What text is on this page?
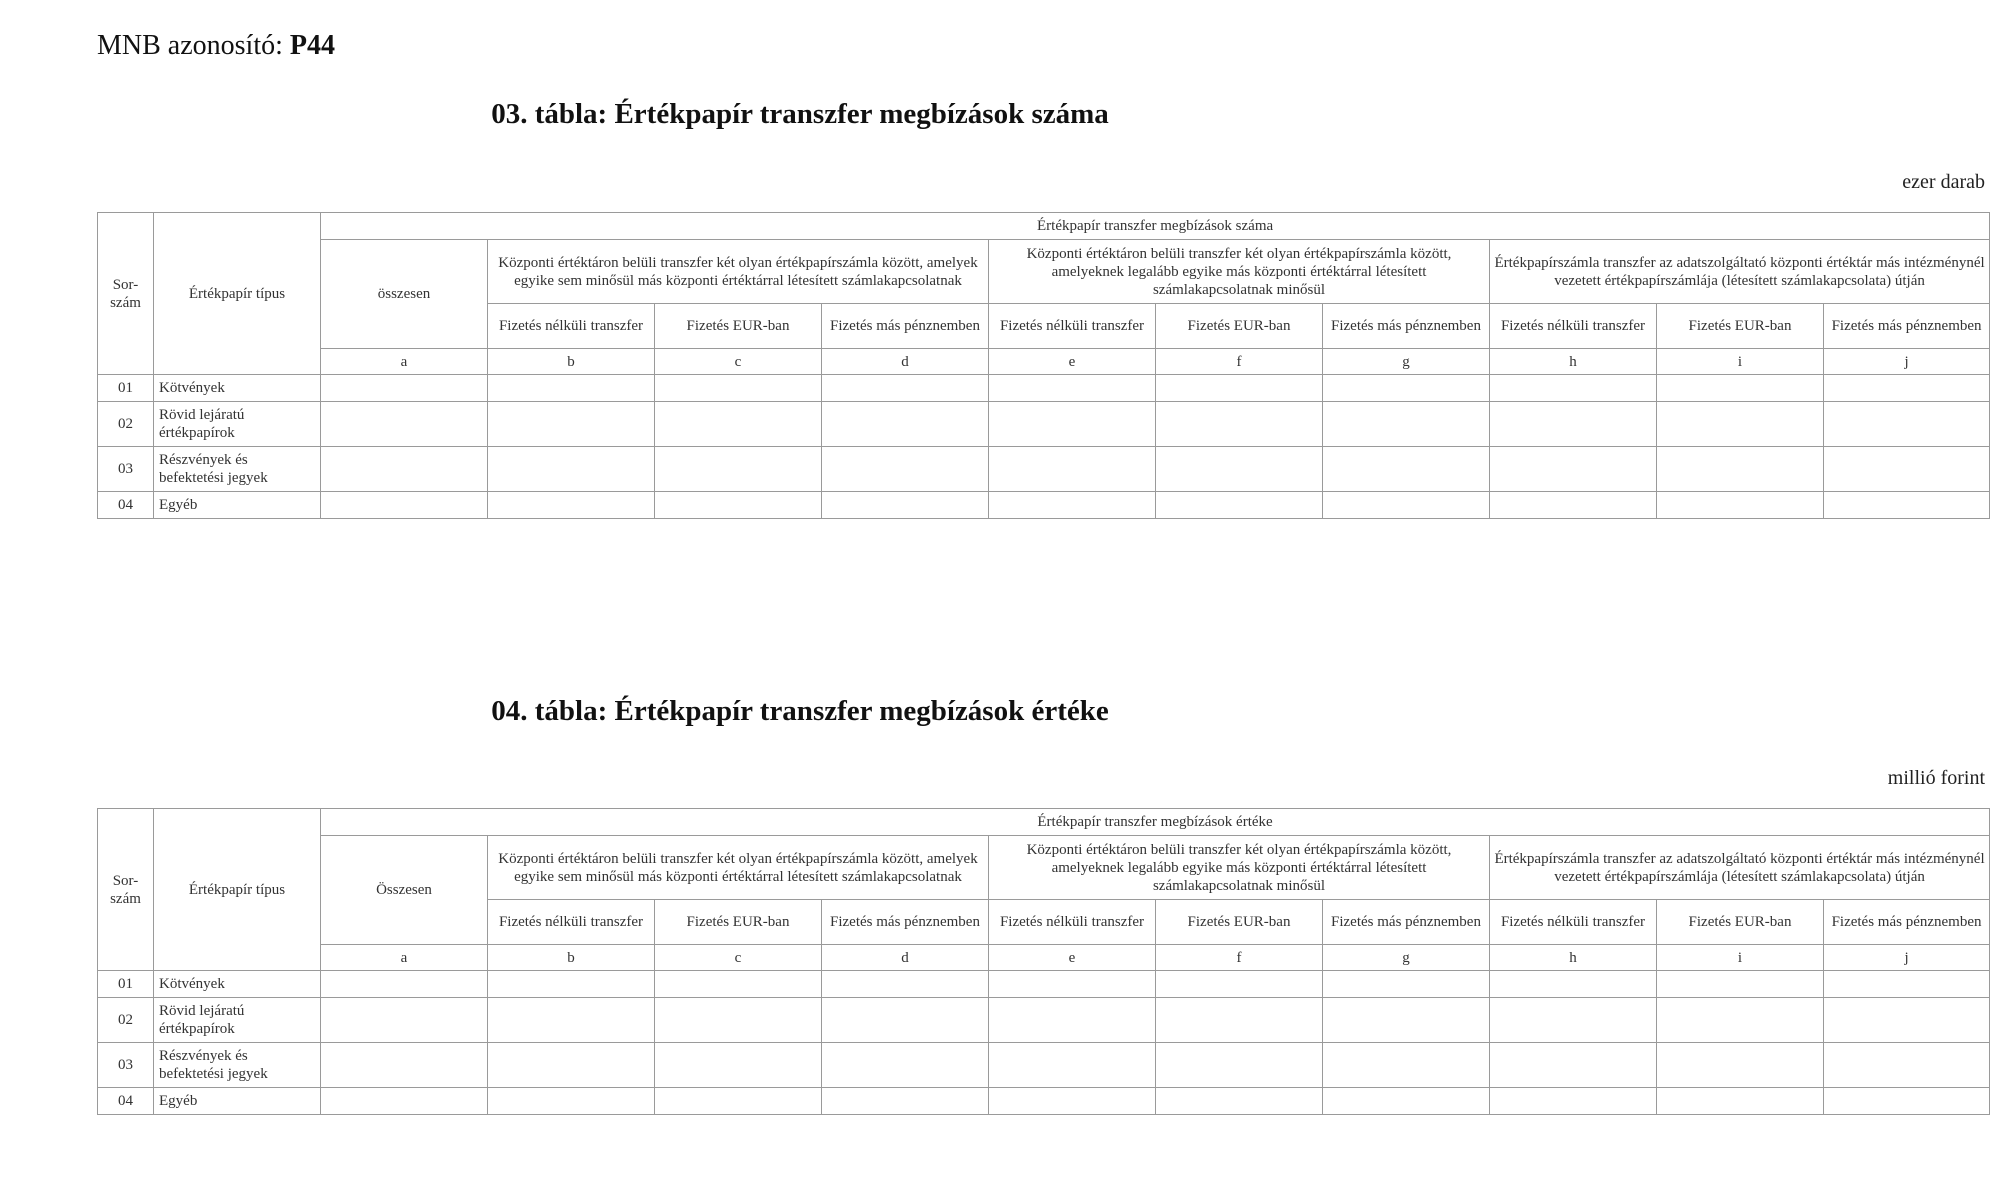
MNB azonosító: P44
03. tábla: Értékpapír transzfer megbízások száma
ezer darab
Sor-
szám	Értékpapír típus	Értékpapír transzfer megbízások száma									
		összesen	Központi értéktáron belüli transzfer két olyan értékpapírszámla között, amelyek egyike sem minősül más központi értéktárral létesített számlakapcsolatnak			Központi értéktáron belüli transzfer két olyan értékpapírszámla között, amelyeknek legalább egyike más központi értéktárral létesített számlakapcsolatnak minősül			Értékpapírszámla transzfer az adatszolgáltató központi értéktár más intézménynél vezetett értékpapírszámlája (létesített számlakapcsolata) útján		
			Fizetés nélküli transzfer	Fizetés EUR-ban	Fizetés más pénznemben	Fizetés nélküli transzfer	Fizetés EUR-ban	Fizetés más pénznemben	Fizetés nélküli transzfer	Fizetés EUR-ban	Fizetés más pénznemben
		a	b	c	d	e	f	g	h	i	j
01	Kötvények										
02	Rövid lejáratú értékpapírok										
03	Részvények és befektetési jegyek										
04	Egyéb										
04. tábla: Értékpapír transzfer megbízások értéke
millió forint
Sor-
szám	Értékpapír típus	Értékpapír transzfer megbízások értéke									
		Összesen	Központi értéktáron belüli transzfer két olyan értékpapírszámla között, amelyek egyike sem minősül más központi értéktárral létesített számlakapcsolatnak			Központi értéktáron belüli transzfer két olyan értékpapírszámla között, amelyeknek legalább egyike más központi értéktárral létesített számlakapcsolatnak minősül			Értékpapírszámla transzfer az adatszolgáltató központi értéktár más intézménynél vezetett értékpapírszámlája (létesített számlakapcsolata) útján		
			Fizetés nélküli transzfer	Fizetés EUR-ban	Fizetés más pénznemben	Fizetés nélküli transzfer	Fizetés EUR-ban	Fizetés más pénznemben	Fizetés nélküli transzfer	Fizetés EUR-ban	Fizetés más pénznemben
		a	b	c	d	e	f	g	h	i	j
01	Kötvények										
02	Rövid lejáratú értékpapírok										
03	Részvények és befektetési jegyek										
04	Egyéb										
